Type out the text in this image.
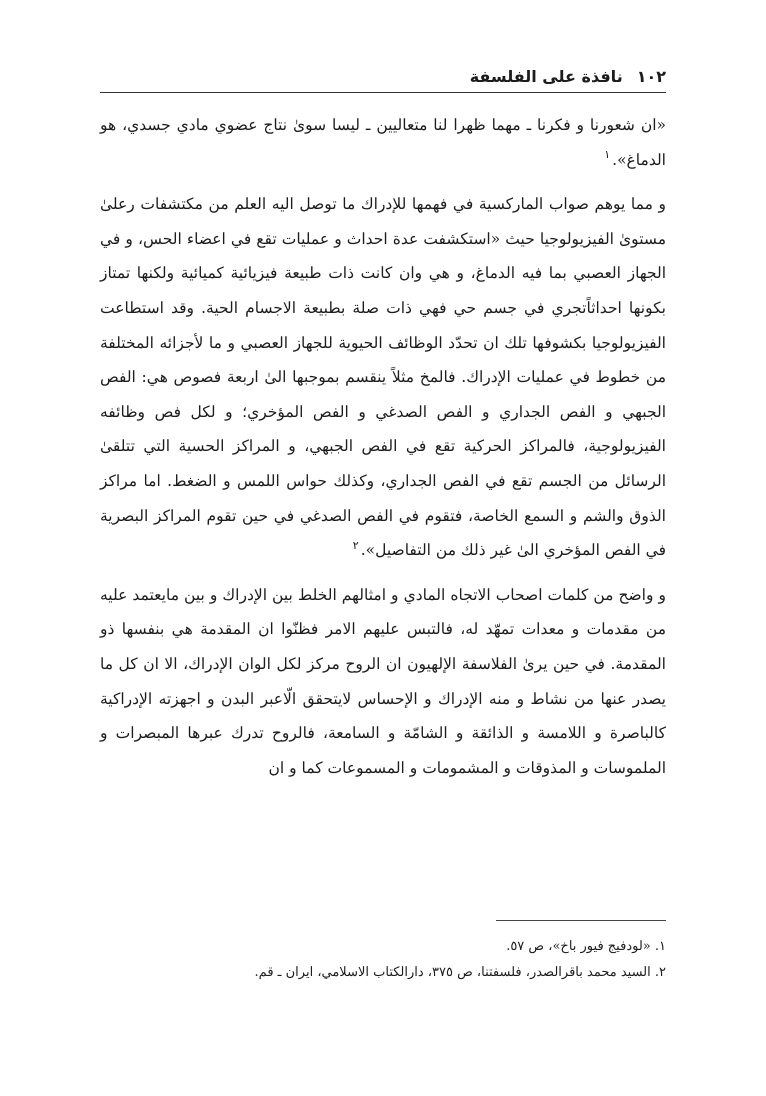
١٠٢
نافذة على الفلسفة

«ان شعورنا و فكرنا ـ مهما ظهرا لنا متعاليين ـ ليسا سوىٰ نتاج عضوي مادي جسدي، هو الدماغ».$^١$

و مما يوهم صواب الماركسية في فهمها للإدراك ما توصل اليه العلم من مكتشفات رعلىٰ مستوىٰ الفيزيولوجيا حيث «استكشفت عدة احداث و عمليات تقع في اعضاء الحس، و في الجهاز العصبي بما فيه الدماغ، و هي وان كانت ذات طبيعة فيزيائية كميائية ولكنها تمتاز بكونها احداثاًتجري في جسم حي فهي ذات صلة بطبيعة الاجسام الحية. وقد استطاعت الفيزيولوجيا بكشوفها تلك ان تحدّد الوظائف الحيوية للجهاز العصبي و ما لأجزائه المختلفة من خطوط في عمليات الإدراك. فالمخ مثلاً ينقسم بموجبها الىٰ اربعة فصوص هي: الفص الجبهي و الفص الجداري و الفص الصدغي و الفص المؤخري؛ و لكل فص وظائفه الفيزيولوجية، فالمراكز الحركية تقع في الفص الجبهي، و المراكز الحسية التي تتلقىٰ الرسائل من الجسم تقع في الفص الجداري، وكذلك حواس اللمس و الضغط. اما مراكز الذوق والشم و السمع الخاصة، فتقوم في الفص الصدغي في حين تقوم المراكز البصرية في الفص المؤخري الىٰ غير ذلك من التفاصيل».$^٢$

و واضح من كلمات اصحاب الاتجاه المادي و امثالهم الخلط بين الإدراك و بين مايعتمد عليه من مقدمات و معدات تمهّد له، فالتبس عليهم الامر فظنّوا ان المقدمة هي بنفسها ذو المقدمة. في حين يرىٰ الفلاسفة الإلهيون ان الروح مركز لكل الوان الإدراك، الا ان كل ما يصدر عنها من نشاط و منه الإدراك و الإحساس لايتحقق الّاعبر البدن و اجهزته الإدراكية كالباصرة و اللامسة و الذائقة و الشامّة و السامعة، فالروح تدرك عبرها المبصرات و الملموسات و المذوقات و المشمومات و المسموعات كما و ان

١. «لودفيج فيور باخ»، ص ٥٧.

٢. السيد محمد باقرالصدر، فلسفتنا، ص ٣٧٥، دارالكتاب الاسلامي، ايران ـ قم.
